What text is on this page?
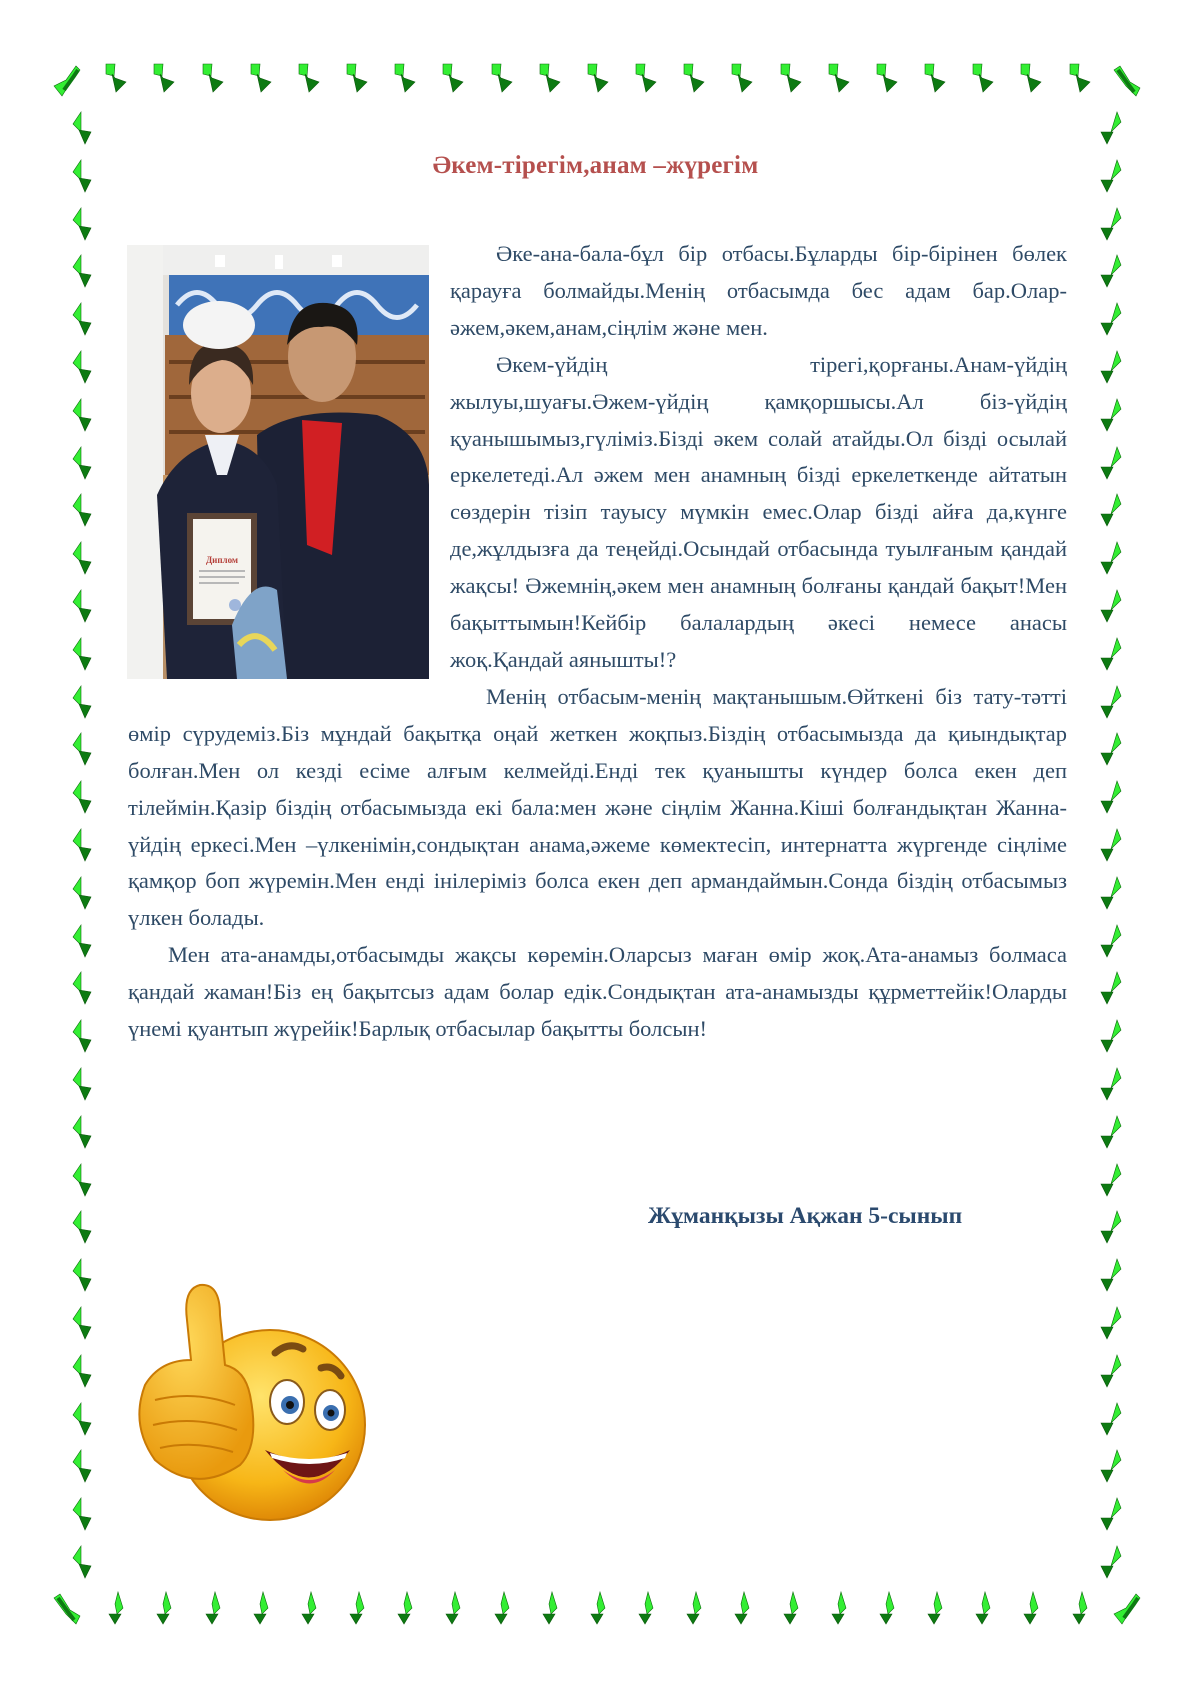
Әкем-тірегім,анам –жүрегім
Диплом

Әке-ана-бала-бұл бір отбасы.Бұларды бір-бірінен бөлек қарауға болмайды.Менің отбасымда бес адам бар.Олар-әжем,әкем,анам,сіңлім және мен.

Әкем-үйдің тірегі,қорғаны.Анам-үйдің жылуы,шуағы.Әжем-үйдің қамқоршысы.Ал біз-үйдің қуанышымыз,гүліміз.Бізді әкем солай атайды.Ол бізді осылай еркелетеді.Ал әжем мен анамның бізді еркелеткенде айтатын сөздерін тізіп тауысу мүмкін емес.Олар бізді айға да,күнге де,жұлдызға да теңейді.Осындай отбасында туылғаным қандай жақсы! Әжемнің,әкем мен анамның болғаны қандай бақыт!Мен бақыттымын!Кейбір балалардың әкесі немесе анасы жоқ.Қандай аянышты!?

Менің отбасым-менің мақтанышым.Өйткені біз тату-тәтті өмір сүрудеміз.Біз мұндай бақытқа оңай жеткен жоқпыз.Біздің отбасымызда да қиындықтар болған.Мен ол кезді есіме алғым келмейді.Енді тек қуанышты күндер болса екен деп тілеймін.Қазір біздің отбасымызда екі бала:мен және сіңлім Жанна.Кіші болғандықтан Жанна- үйдің еркесі.Мен –үлкенімін,сондықтан анама,әжеме көмектесіп, интернатта жүргенде сіңліме қамқор боп жүремін.Мен енді інілеріміз болса екен деп армандаймын.Сонда біздің отбасымыз үлкен болады.

Мен ата-анамды,отбасымды жақсы көремін.Оларсыз маған өмір жоқ.Ата-анамыз болмаса қандай жаман!Біз ең бақытсыз адам болар едік.Сондықтан ата-анамызды құрметтейік!Оларды үнемі қуантып жүрейік!Барлық отбасылар бақытты болсын!

Жұманқызы Ақжан 5-сынып
